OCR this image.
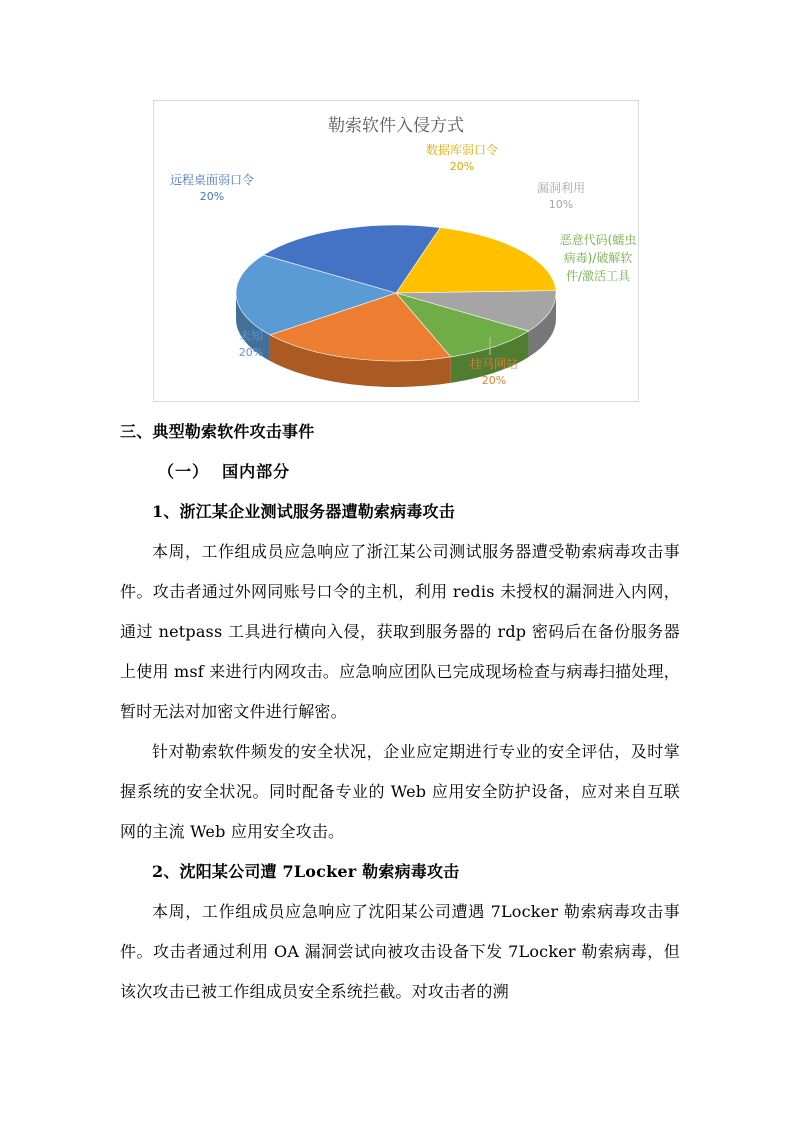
勒索软件入侵方式
数据库弱口令
20%
漏洞利用
10%
恶意代码(蠕虫病毒)/破解软件/激活工具
挂马网站
20%
未知
20%
远程桌面弱口令
20%
三、典型勒索软件攻击事件
（一）  国内部分
1、浙江某企业测试服务器遭勒索病毒攻击
本周，工作组成员应急响应了浙江某公司测试服务器遭受勒索病毒攻击事件。攻击者通过外网同账号口令的主机，利用 redis 未授权的漏洞进入内网，通过 netpass 工具进行横向入侵，获取到服务器的 rdp 密码后在备份服务器上使用 msf 来进行内网攻击。应急响应团队已完成现场检查与病毒扫描处理，暂时无法对加密文件进行解密。
针对勒索软件频发的安全状况，企业应定期进行专业的安全评估，及时掌握系统的安全状况。同时配备专业的 Web 应用安全防护设备，应对来自互联网的主流 Web 应用安全攻击。
2、沈阳某公司遭 7Locker 勒索病毒攻击
本周，工作组成员应急响应了沈阳某公司遭遇 7Locker 勒索病毒攻击事件。攻击者通过利用 OA 漏洞尝试向被攻击设备下发 7Locker 勒索病毒，但该次攻击已被工作组成员安全系统拦截。对攻击者的溯
